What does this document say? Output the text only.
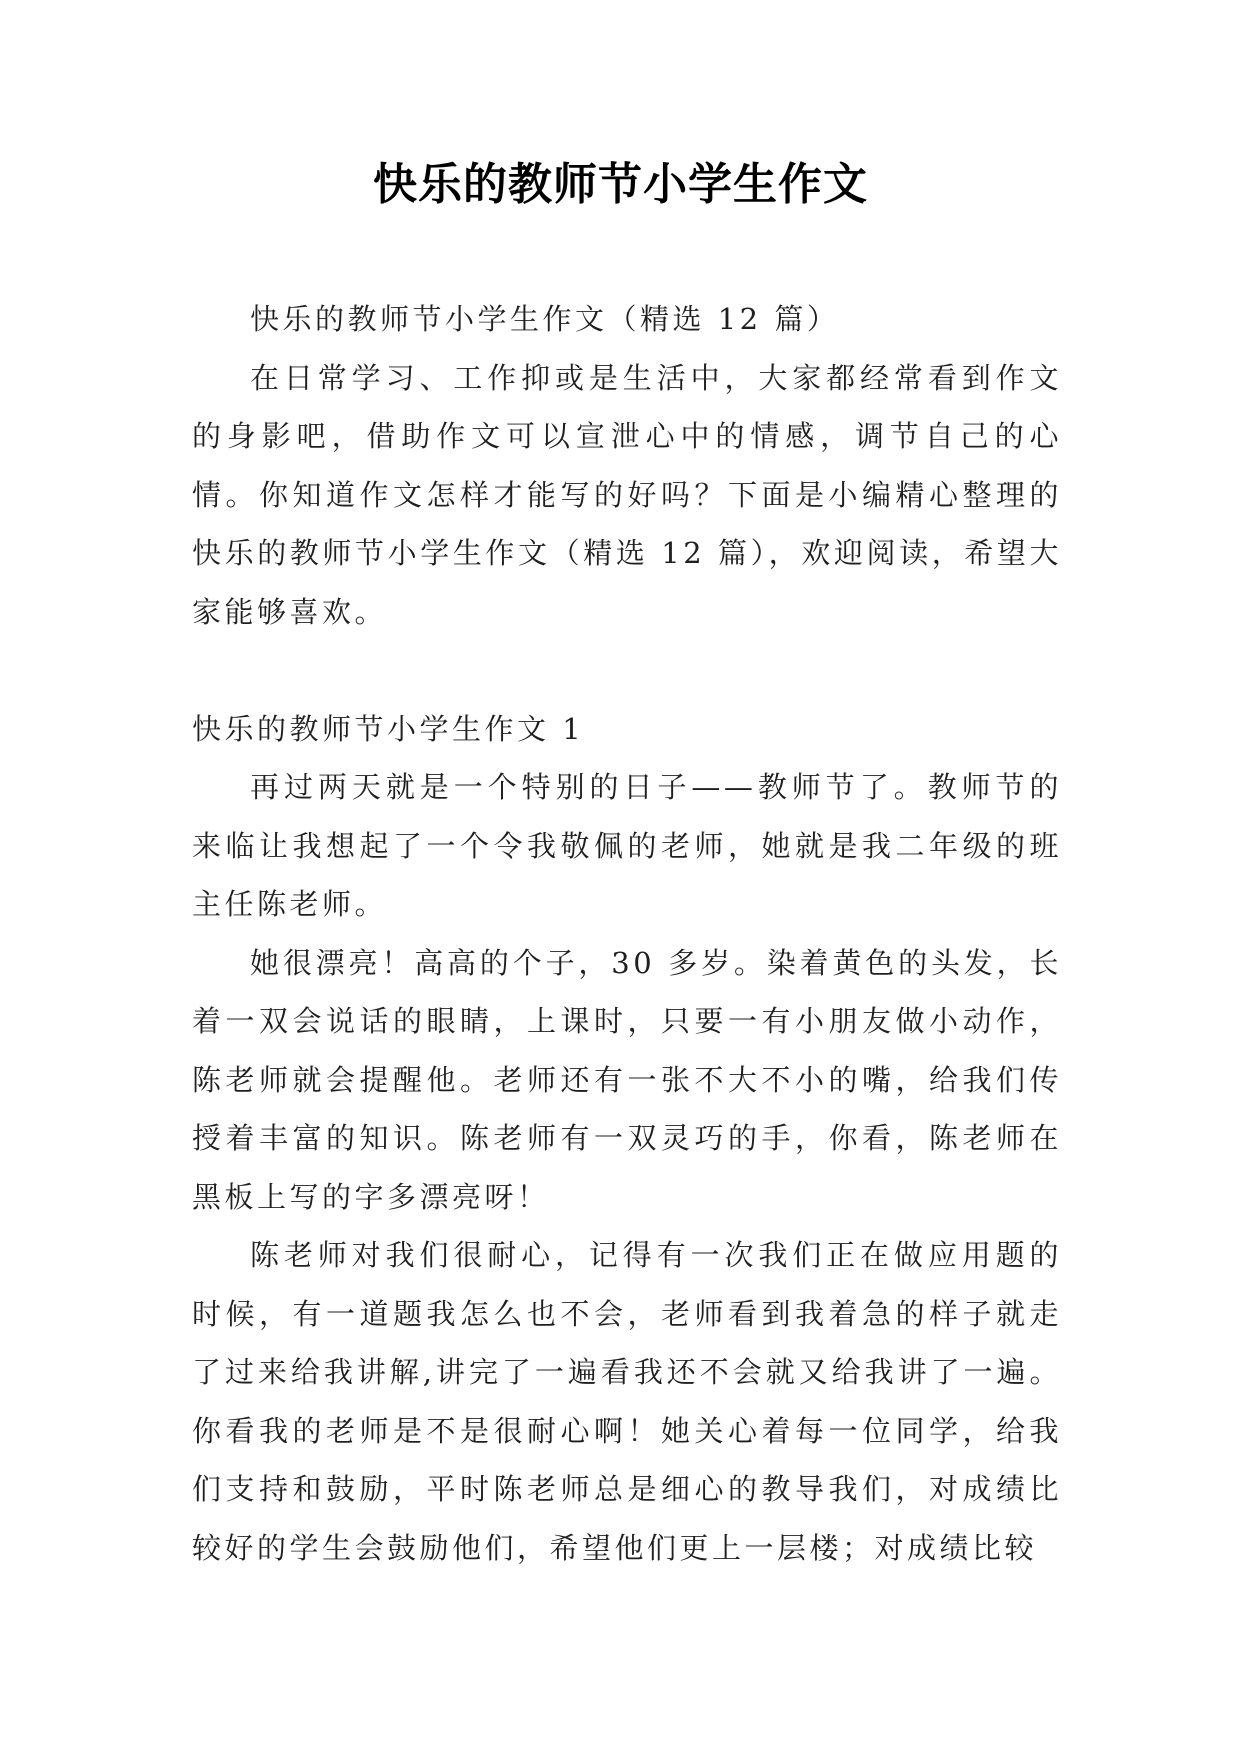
快乐的教师节小学生作文

快乐的教师节小学生作文（精选 12 篇）

在日常学习、工作抑或是生活中，大家都经常看到作文的身影吧，借助作文可以宣泄心中的情感，调节自己的心情。你知道作文怎样才能写的好吗？下面是小编精心整理的快乐的教师节小学生作文（精选 12 篇），欢迎阅读，希望大家能够喜欢。

快乐的教师节小学生作文 1

再过两天就是一个特别的日子——教师节了。教师节的来临让我想起了一个令我敬佩的老师，她就是我二年级的班主任陈老师。

她很漂亮！高高的个子，30 多岁。染着黄色的头发，长着一双会说话的眼睛，上课时，只要一有小朋友做小动作，陈老师就会提醒他。老师还有一张不大不小的嘴，给我们传授着丰富的知识。陈老师有一双灵巧的手，你看，陈老师在黑板上写的字多漂亮呀！

陈老师对我们很耐心，记得有一次我们正在做应用题的时候，有一道题我怎么也不会，老师看到我着急的样子就走了过来给我讲解,讲完了一遍看我还不会就又给我讲了一遍。你看我的老师是不是很耐心啊！她关心着每一位同学，给我们支持和鼓励，平时陈老师总是细心的教导我们，对成绩比较好的学生会鼓励他们，希望他们更上一层楼；对成绩比较
